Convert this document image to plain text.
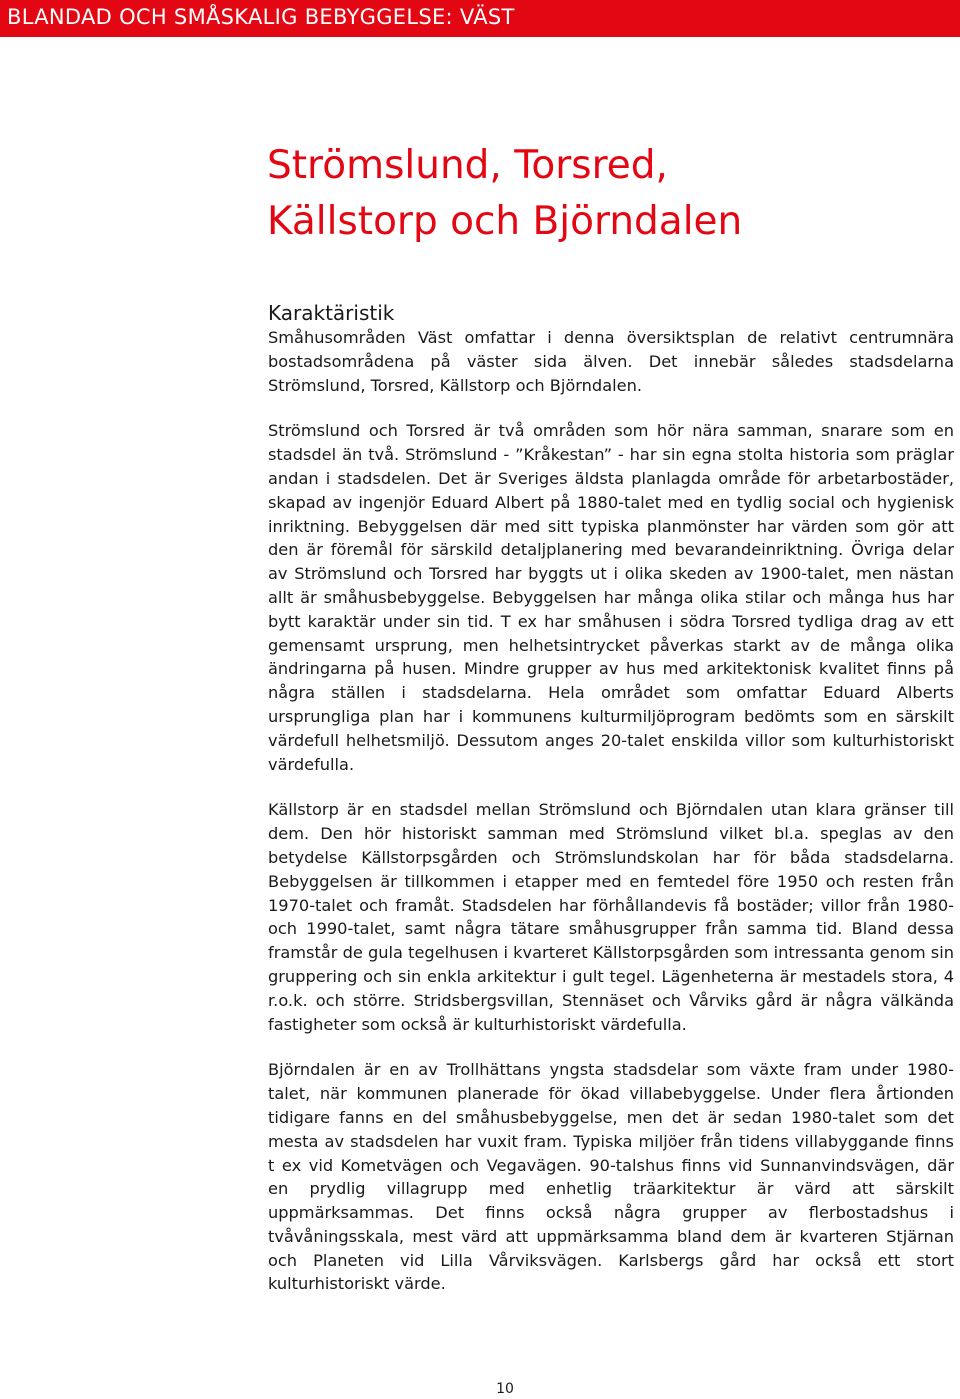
BLANDAD OCH SMÅSKALIG BEBYGGELSE: VÄST
Strömslund, Torsred,
Källstorp och Björndalen
Karaktäristik

Småhusområden Väst omfattar i denna översiktsplan de relativt centrumnära bostadsområdena på väster sida älven. Det innebär således stadsdelarna Strömslund, Torsred, Källstorp och Björndalen.

Strömslund och Torsred är två områden som hör nära samman, snarare som en stadsdel än två. Strömslund - ”Kråkestan” - har sin egna stolta historia som präglar andan i stadsdelen. Det är Sveriges äldsta planlagda område för arbetarbostäder, skapad av ingenjör Eduard Albert på 1880-talet med en tydlig social och hygienisk inriktning. Bebyggelsen där med sitt typiska planmönster har värden som gör att den är föremål för särskild detaljplanering med bevarandeinriktning. Övriga delar av Strömslund och Torsred har byggts ut i olika skeden av 1900-talet, men nästan allt är småhusbebyggelse. Bebyggelsen har många olika stilar och många hus har bytt karaktär under sin tid. T ex har småhusen i södra Torsred tydliga drag av ett gemensamt ursprung, men helhetsintrycket påverkas starkt av de många olika ändringarna på husen. Mindre grupper av hus med arkitektonisk kvalitet finns på några ställen i stadsdelarna. Hela området som omfattar Eduard Alberts ursprungliga plan har i kommunens kulturmiljöprogram bedömts som en särskilt värdefull helhetsmiljö. Dessutom anges 20-talet enskilda villor som kulturhistoriskt värdefulla.

Källstorp är en stadsdel mellan Strömslund och Björndalen utan klara gränser till dem. Den hör historiskt samman med Strömslund vilket bl.a. speglas av den betydelse Källstorpsgården och Strömslundskolan har för båda stadsdelarna. Bebyggelsen är tillkommen i etapper med en femtedel före 1950 och resten från 1970-talet och framåt. Stadsdelen har förhållandevis få bostäder; villor från 1980- och 1990-talet, samt några tätare småhusgrupper från samma tid. Bland dessa framstår de gula tegelhusen i kvarteret Källstorpsgården som intressanta genom sin gruppering och sin enkla arkitektur i gult tegel. Lägenheterna är mestadels stora, 4 r.o.k. och större. Stridsbergsvillan, Stennäset och Vårviks gård är några välkända fastigheter som också är kulturhistoriskt värdefulla.

Björndalen är en av Trollhättans yngsta stadsdelar som växte fram under 1980-talet, när kommunen planerade för ökad villabebyggelse. Under flera årtionden tidigare fanns en del småhusbebyggelse, men det är sedan 1980-talet som det mesta av stadsdelen har vuxit fram. Typiska miljöer från tidens villabyggande finns t ex vid Kometvägen och Vegavägen. 90-talshus finns vid Sunnanvindsvägen, där en prydlig villagrupp med enhetlig träarkitektur är värd att särskilt uppmärksammas. Det finns också några grupper av flerbostadshus i tvåvåningsskala, mest värd att uppmärksamma bland dem är kvarteren Stjärnan och Planeten vid Lilla Vårviksvägen. Karlsbergs gård har också ett stort kulturhistoriskt värde.

10
